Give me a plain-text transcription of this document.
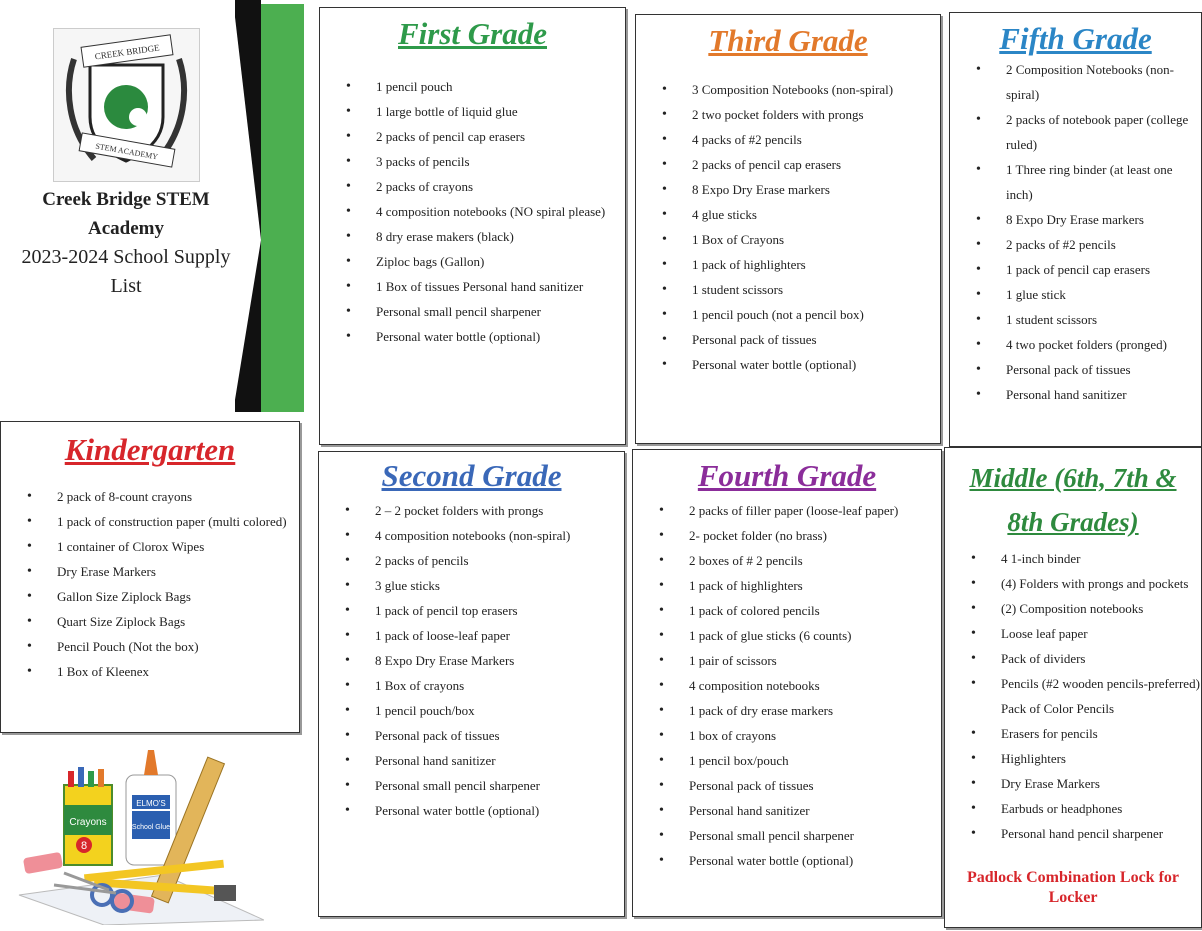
CREEK BRIDGE
STEM ACADEMY
Creek Bridge STEM Academy
2023-2024 School Supply List
Kindergarten
• 2 pack of 8-count crayons
• 1 pack of construction paper (multi colored)
• 1 container of Clorox Wipes
• Dry Erase Markers
• Gallon Size Ziplock Bags
• Quart Size Ziplock Bags
• Pencil Pouch (Not the box)
• 1 Box of Kleenex
First Grade
• 1 pencil pouch
• 1 large bottle of liquid glue
• 2 packs of pencil cap erasers
• 3 packs of pencils
• 2 packs of crayons
• 4 composition notebooks (NO spiral please)
• 8 dry erase makers (black)
• Ziploc bags (Gallon)
• 1 Box of tissues Personal hand sanitizer
• Personal small pencil sharpener
• Personal water bottle (optional)
Second Grade
• 2 – 2 pocket folders with prongs
• 4 composition notebooks (non-spiral)
• 2 packs of pencils
• 3 glue sticks
• 1 pack of pencil top erasers
• 1 pack of loose-leaf paper
• 8 Expo Dry Erase Markers
• 1 Box of crayons
• 1 pencil pouch/box
• Personal pack of tissues
• Personal hand sanitizer
• Personal small pencil sharpener
• Personal water bottle (optional)
Third Grade
• 3 Composition Notebooks (non-spiral)
• 2 two pocket folders with prongs
• 4 packs of #2 pencils
• 2 packs of pencil cap erasers
• 8 Expo Dry Erase markers
• 4 glue sticks
• 1 Box of Crayons
• 1 pack of highlighters
• 1 student scissors
• 1 pencil pouch (not a pencil box)
• Personal pack of tissues
• Personal water bottle (optional)
Fourth Grade
• 2 packs of filler paper (loose-leaf paper)
• 2- pocket folder (no brass)
• 2 boxes of # 2 pencils
• 1 pack of highlighters
• 1 pack of colored pencils
• 1 pack of glue sticks (6 counts)
• 1 pair of scissors
• 4 composition notebooks
• 1 pack of dry erase markers
• 1 box of crayons
• 1 pencil box/pouch
• Personal pack of tissues
• Personal hand sanitizer
• Personal small pencil sharpener
• Personal water bottle (optional)
Fifth Grade
• 2 Composition Notebooks (non-spiral)
• 2 packs of notebook paper (college ruled)
• 1 Three ring binder (at least one inch)
• 8 Expo Dry Erase markers
• 2 packs of #2 pencils
• 1 pack of pencil cap erasers
• 1 glue stick
• 1 student scissors
• 4 two pocket folders (pronged)
• Personal pack of tissues
• Personal hand sanitizer
Middle (6th, 7th &
8th Grades)
• 4 1-inch binder
• (4) Folders with prongs and pockets
• (2) Composition notebooks
• Loose leaf paper
• Pack of dividers
• Pencils (#2 wooden pencils-preferred) Pack of Color Pencils
• Erasers for pencils
• Highlighters
• Dry Erase Markers
• Earbuds or headphones
• Personal hand pencil sharpener
Padlock Combination Lock for Locker
Crayons
8
ELMO'S
School Glue
